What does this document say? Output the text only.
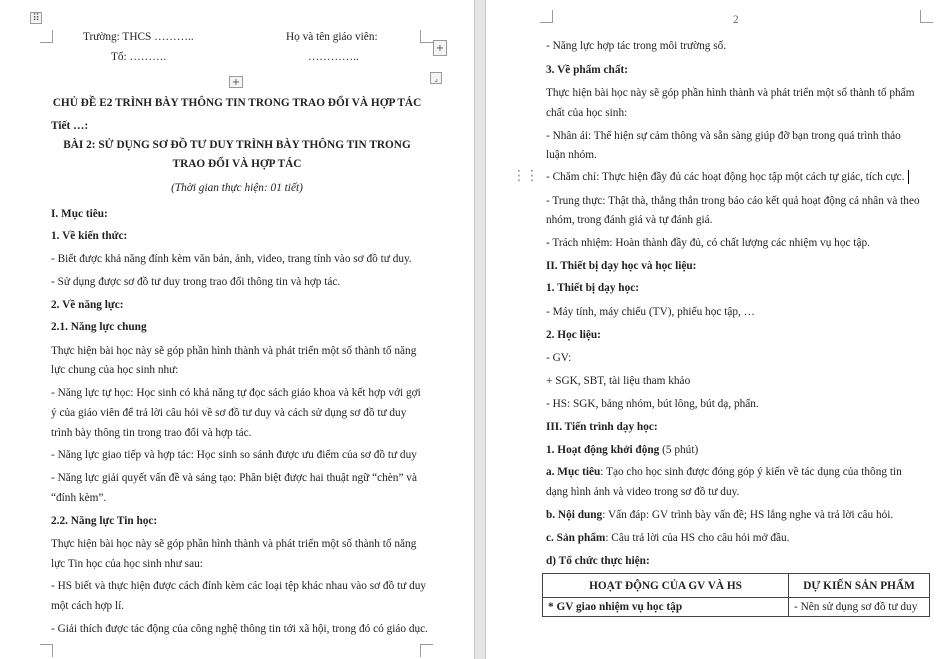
⠿
Trường: THCS ………..	Họ và tên giáo viên:
Tổ: ……….	…………..
+
+	⌟
CHỦ ĐỀ E2 TRÌNH BÀY THÔNG TIN TRONG TRAO ĐỔI VÀ HỢP TÁC
Tiết …:
BÀI 2: SỬ DỤNG SƠ ĐỒ TƯ DUY TRÌNH BÀY THÔNG TIN TRONG
TRAO ĐỔI VÀ HỢP TÁC
(Thời gian thực hiện: 01 tiết)
I. Mục tiêu:
1. Về kiến thức:
- Biết được khả năng đính kèm văn bản, ảnh, video, trang tính vào sơ đồ tư duy.
- Sử dụng được sơ đồ tư duy trong trao đổi thông tin và hợp tác.
2. Về năng lực:
2.1. Năng lực chung
Thực hiện bài học này sẽ góp phần hình thành và phát triển một số thành tố năng
lực chung của học sinh như:
- Năng lực tự học: Học sinh có khả năng tự đọc sách giáo khoa và kết hợp với gợi
ý của giáo viên để trả lời câu hỏi về sơ đồ tư duy và cách sử dụng sơ đồ tư duy
trình bày thông tin trong trao đổi và hợp tác.
- Năng lực giao tiếp và hợp tác: Học sinh so sánh được ưu điểm của sơ đồ tư duy
- Năng lực giải quyết vấn đề và sáng tạo: Phân biệt được hai thuật ngữ “chèn” và
“đính kèm”.
2.2. Năng lực Tin học:
Thực hiện bài học này sẽ góp phần hình thành và phát triển một số thành tố năng
lực Tin học của học sinh như sau:
- HS biết và thực hiện được cách đính kèm các loại tệp khác nhau vào sơ đồ tư duy
một cách hợp lí.
- Giải thích được tác động của công nghệ thông tin tới xã hội, trong đó có giáo dục.
2
- Năng lực hợp tác trong môi trường số.
3. Về phẩm chất:
Thực hiện bài học này sẽ góp phần hình thành và phát triển một số thành tố phẩm
chất của học sinh:
- Nhân ái: Thể hiện sự cảm thông và sẵn sàng giúp đỡ bạn trong quá trình thảo
luận nhóm.
⋮⋮ - Chăm chỉ: Thực hiện đầy đủ các hoạt động học tập một cách tự giác, tích cực.
- Trung thực: Thật thà, thẳng thắn trong báo cáo kết quả hoạt động cá nhân và theo
nhóm, trong đánh giá và tự đánh giá.
- Trách nhiệm: Hoàn thành đầy đủ, có chất lượng các nhiệm vụ học tập.
II. Thiết bị dạy học và học liệu:
1. Thiết bị dạy học:
- Máy tính, máy chiếu (TV), phiếu học tập, …
2. Học liệu:
- GV:
+ SGK, SBT, tài liệu tham khảo
- HS: SGK, bảng nhóm, bút lông, bút dạ, phấn.
III. Tiến trình dạy học:
1. Hoạt động khởi động (5 phút)
a. Mục tiêu: Tạo cho học sinh được đóng góp ý kiến về tác dụng của thông tin
dạng hình ảnh và video trong sơ đồ tư duy.
b. Nội dung: Vấn đáp: GV trình bày vấn đề; HS lắng nghe và trả lời câu hỏi.
c. Sản phẩm: Câu trả lời của HS cho câu hỏi mở đầu.
d) Tổ chức thực hiện:
HOẠT ĐỘNG CỦA GV VÀ HS	DỰ KIẾN SẢN PHẨM
* GV giao nhiệm vụ học tập	- Nên sử dụng sơ đồ tư duy
